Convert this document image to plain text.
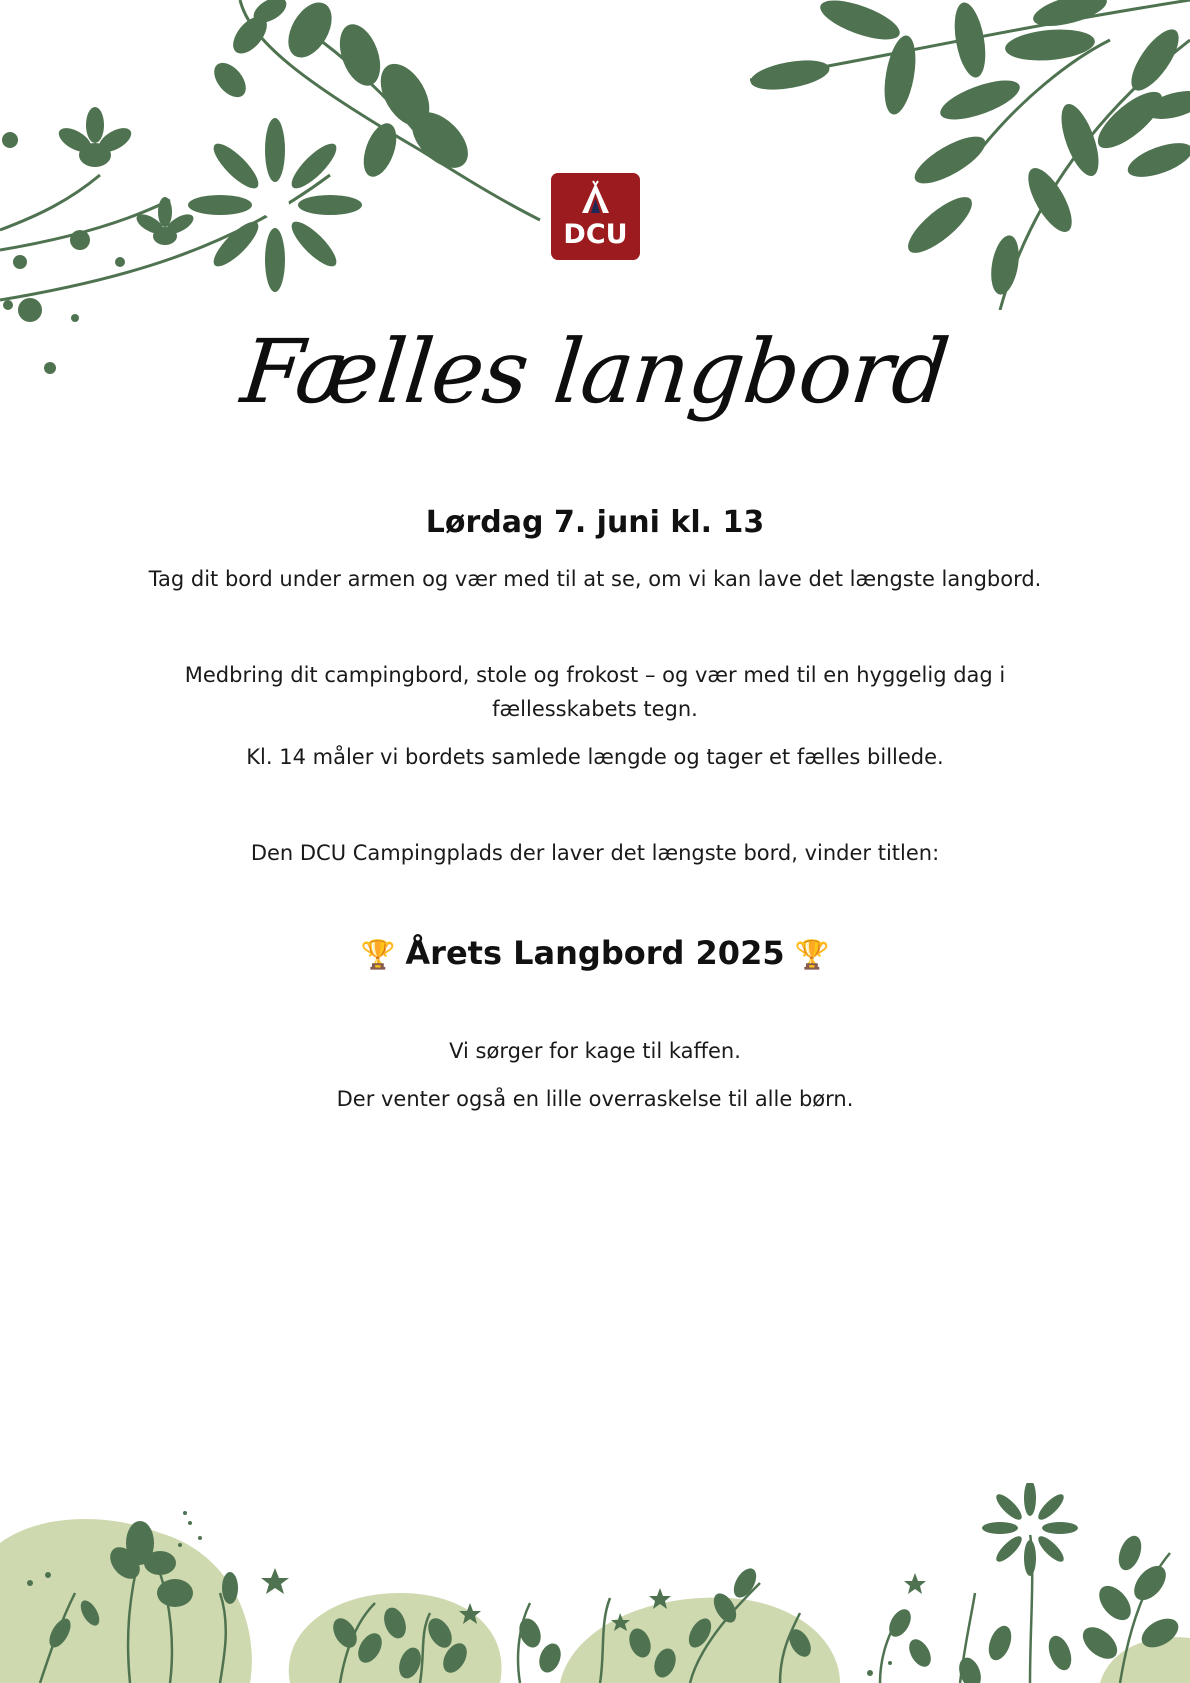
DCU
Fælles langbord
Lørdag 7. juni kl. 13

Tag dit bord under armen og vær med til at se, om vi kan lave det længste langbord.

Medbring dit campingbord, stole og frokost – og vær med til en hyggelig dag i fællesskabets tegn.

Kl. 14 måler vi bordets samlede længde og tager et fælles billede.

Den DCU Campingplads der laver det længste bord, vinder titlen:

🏆 Årets Langbord 2025 🏆

Vi sørger for kage til kaffen.

Der venter også en lille overraskelse til alle børn.
